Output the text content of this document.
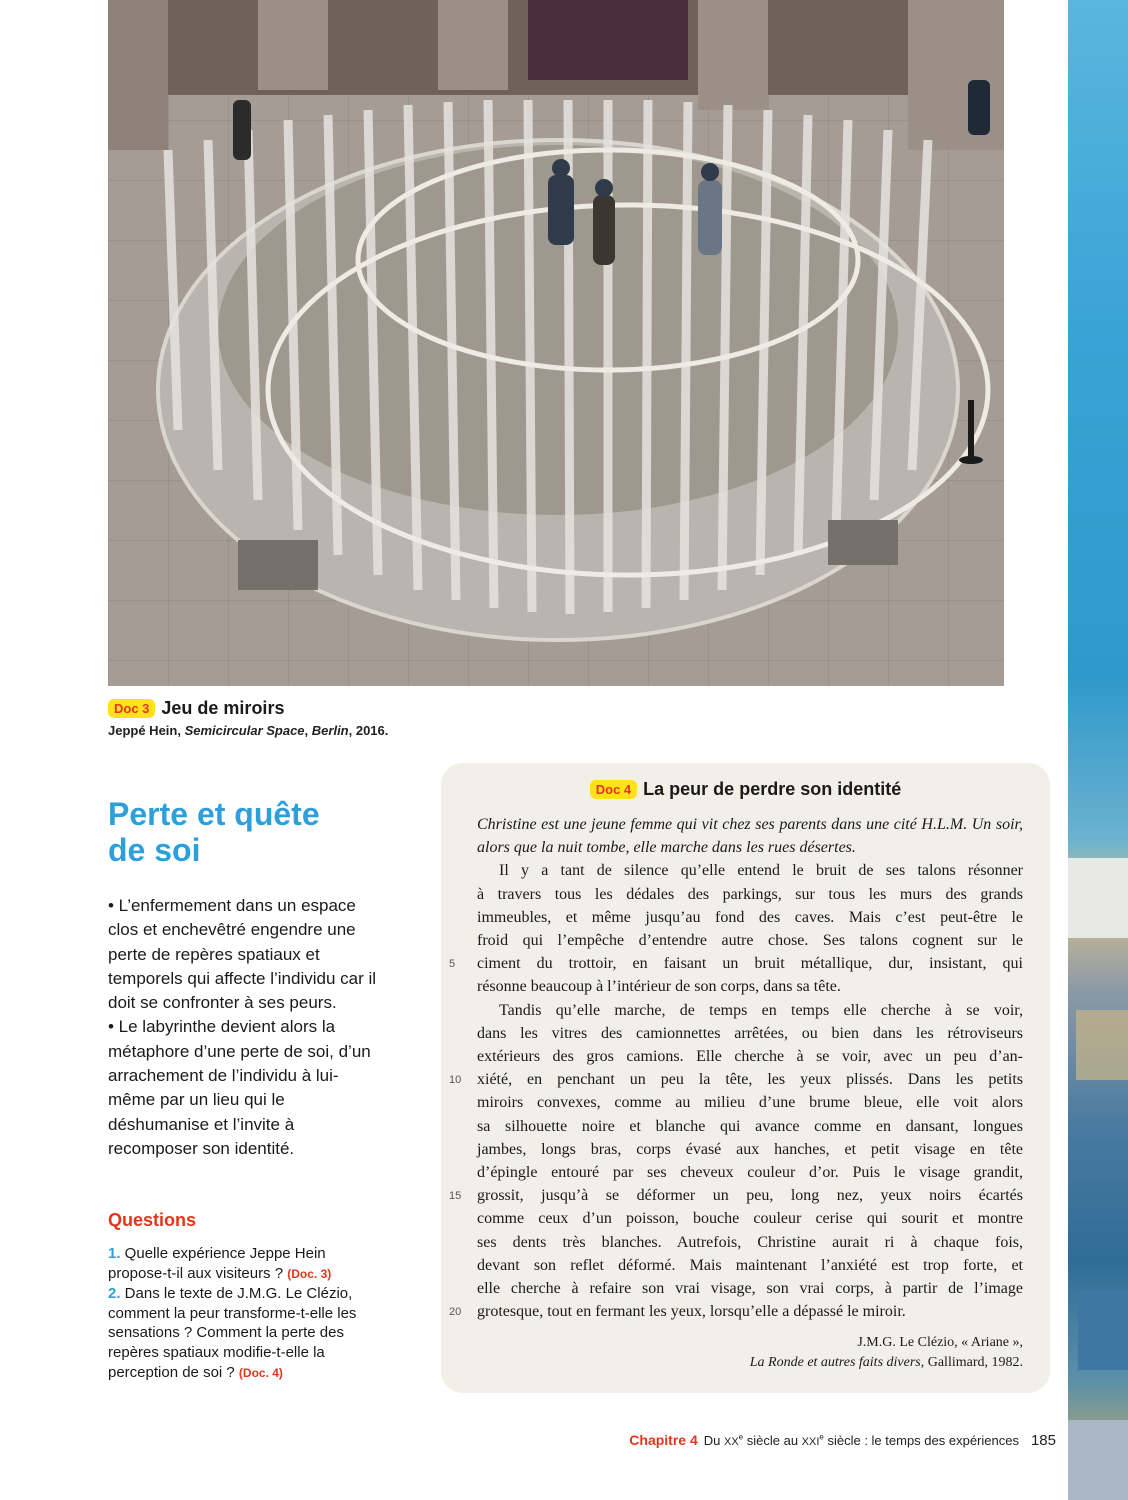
Doc 3 Jeu de miroirs
Jeppé Hein, Semicircular Space, Berlin, 2016.
Perte et quête
de soi

• L’enfermement dans un espace clos et enchevêtré engendre une perte de repères spatiaux et temporels qui affecte l’individu car il doit se confronter à ses peurs.

• Le labyrinthe devient alors la métaphore d’une perte de soi, d’un arrachement de l’individu à lui-même par un lieu qui le déshumanise et l’invite à recomposer son identité.

Questions

1. Quelle expérience Jeppe Hein propose-t-il aux visiteurs ? (Doc. 3)

2. Dans le texte de J.M.G. Le Clézio, comment la peur transforme-t-elle les sensations ? Comment la perte des repères spatiaux modifie-t-elle la perception de soi ? (Doc. 4)

Doc 4 La peur de perdre son identité

Christine est une jeune femme qui vit chez ses parents dans une cité H.L.M. Un soir, alors que la nuit tombe, elle marche dans les rues désertes.

Il y a tant de silence qu’elle entend le bruit de ses talons résonner
à travers tous les dédales des parkings, sur tous les murs des grands
immeubles, et même jusqu’au fond des caves. Mais c’est peut-être le
froid qui l’empêche d’entendre autre chose. Ses talons cognent sur le
5	ciment du trottoir, en faisant un bruit métallique, dur, insistant, qui
résonne beaucoup à l’intérieur de son corps, dans sa tête.
Tandis qu’elle marche, de temps en temps elle cherche à se voir,
dans les vitres des camionnettes arrêtées, ou bien dans les rétroviseurs
extérieurs des gros camions. Elle cherche à se voir, avec un peu d’an-
10 xiété, en penchant un peu la tête, les yeux plissés. Dans les petits
miroirs convexes, comme au milieu d’une brume bleue, elle voit alors
sa silhouette noire et blanche qui avance comme en dansant, longues
jambes, longs bras, corps évasé aux hanches, et petit visage en tête
d’épingle entouré par ses cheveux couleur d’or. Puis le visage grandit,
15 grossit, jusqu’à se déformer un peu, long nez, yeux noirs écartés
comme ceux d’un poisson, bouche couleur cerise qui sourit et montre
ses dents très blanches. Autrefois, Christine aurait ri à chaque fois,
devant son reflet déformé. Mais maintenant l’anxiété est trop forte, et
elle cherche à refaire son vrai visage, son vrai corps, à partir de l’image
20 grotesque, tout en fermant les yeux, lorsqu’elle a dépassé le miroir.
J.M.G. Le Clézio, « Ariane »,
La Ronde et autres faits divers, Gallimard, 1982.
Chapitre 4 Du XXe siècle au XXIe siècle : le temps des expériences 185
